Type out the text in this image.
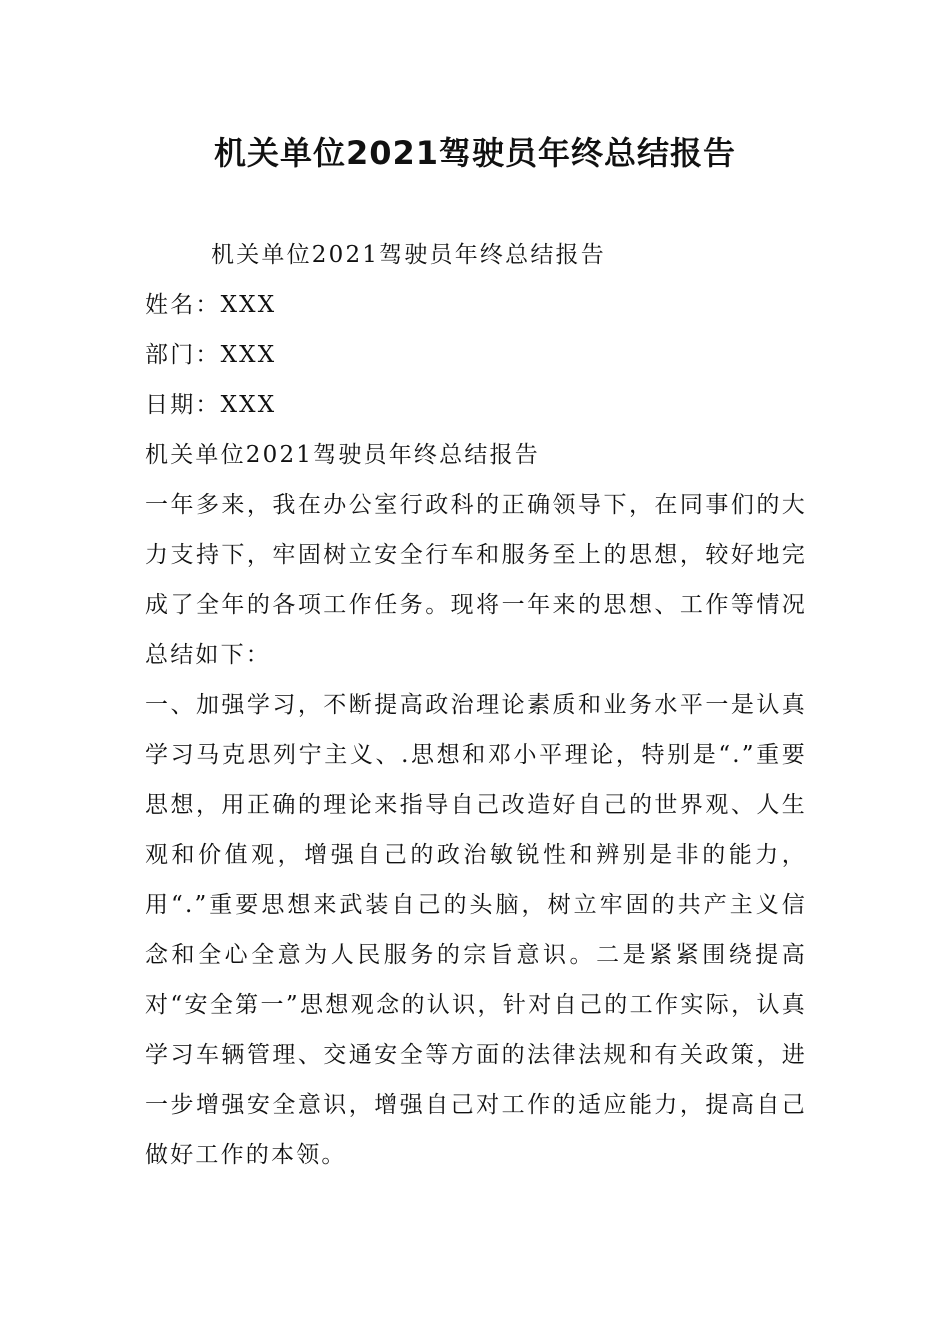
机关单位2021驾驶员年终总结报告

机关单位2021驾驶员年终总结报告

姓名：XXX

部门：XXX

日期：XXX

机关单位2021驾驶员年终总结报告

一年多来，我在办公室行政科的正确领导下，在同事们的大力支持下，牢固树立安全行车和服务至上的思想，较好地完成了全年的各项工作任务。现将一年来的思想、工作等情况总结如下：

一、加强学习，不断提高政治理论素质和业务水平一是认真学习马克思列宁主义、.思想和邓小平理论，特别是“.”重要思想，用正确的理论来指导自己改造好自己的世界观、人生观和价值观，增强自己的政治敏锐性和辨别是非的能力，用“.”重要思想来武装自己的头脑，树立牢固的共产主义信念和全心全意为人民服务的宗旨意识。二是紧紧围绕提高对“安全第一”思想观念的认识，针对自己的工作实际，认真学习车辆管理、交通安全等方面的法律法规和有关政策，进一步增强安全意识，增强自己对工作的适应能力，提高自己做好工作的本领。
